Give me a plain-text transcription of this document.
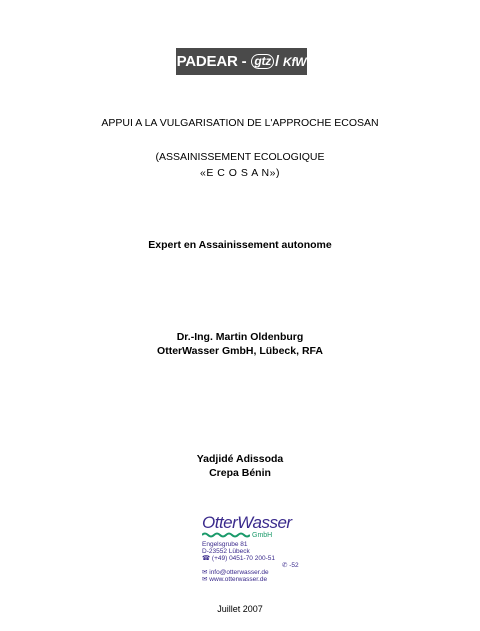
PADEAR
-
gtz / KfW
APPUI A LA VULGARISATION DE L'APPROCHE ECOSAN
(ASSAINISSEMENT ECOLOGIQUE
«E C O S A N»)
Expert en Assainissement autonome
Dr.-Ing. Martin Oldenburg
OtterWasser GmbH, Lübeck, RFA
Yadjidé Adissoda
Crepa Bénin
OtterWasser
GmbH
Engelsgrube 81
D-23552 Lübeck
☎ (+49) 0451-70 200-51
✆ -52
✉ info@otterwasser.de
✉ www.otterwasser.de
Juillet 2007
